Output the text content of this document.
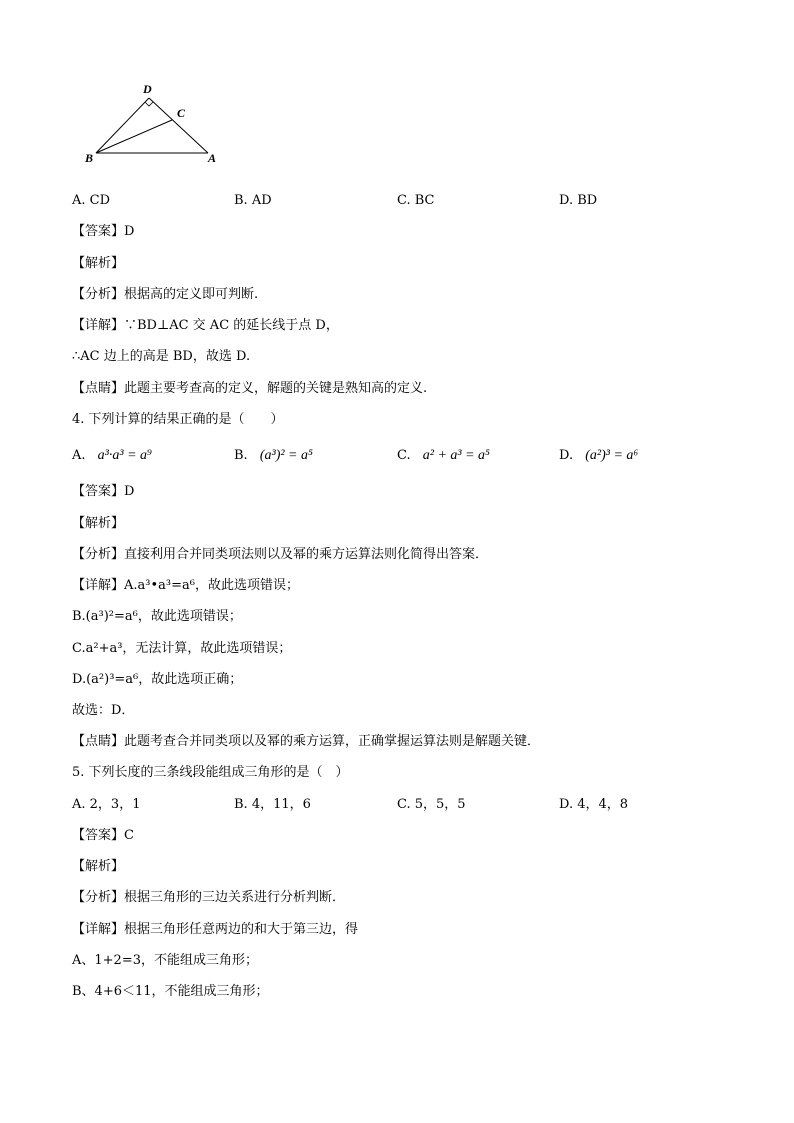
D
C
B	A
A. CD	B. AD	C. BC	D. BD
【答案】D
【解析】
【分析】根据高的定义即可判断.
【详解】∵BD⊥AC 交 AC 的延长线于点 D，
∴AC 边上的高是 BD，故选 D.
【点睛】此题主要考查高的定义，解题的关键是熟知高的定义.
4. 下列计算的结果正确的是（　　）
A. a³·a³ = a⁹	B. (a³)² = a⁵	C. a² + a³ = a⁵	D. (a²)³ = a⁶
【答案】D
【解析】
【分析】直接利用合并同类项法则以及幂的乘方运算法则化简得出答案．
【详解】A.a³•a³=a⁶，故此选项错误；
B.(a³)²=a⁶，故此选项错误；
C.a²+a³，无法计算，故此选项错误；
D.(a²)³=a⁶，故此选项正确；
故选：D．
【点睛】此题考查合并同类项以及幂的乘方运算，正确掌握运算法则是解题关键．
5. 下列长度的三条线段能组成三角形的是（　）
A. 2，3，1	B. 4，11，6	C. 5，5，5	D. 4，4，8
【答案】C
【解析】
【分析】根据三角形的三边关系进行分析判断．
【详解】根据三角形任意两边的和大于第三边，得
A、1+2=3，不能组成三角形；
B、4+6＜11，不能组成三角形；
